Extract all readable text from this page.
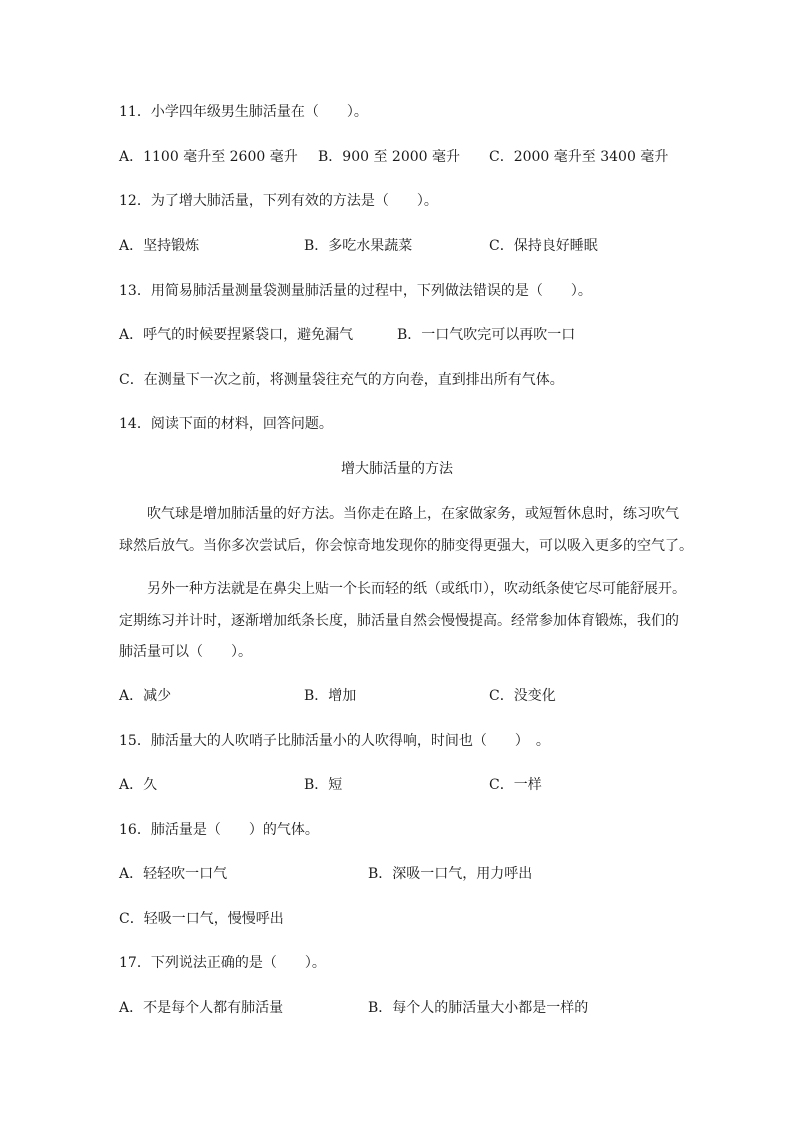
11．小学四年级男生肺活量在（　　）。
A．1100 毫升至 2600 毫升 B．900 至 2000 毫升 C．2000 毫升至 3400 毫升
12．为了增大肺活量，下列有效的方法是（　　）。
A．坚持锻炼	B．多吃水果蔬菜	C．保持良好睡眠
13．用简易肺活量测量袋测量肺活量的过程中，下列做法错误的是（　　）。
A．呼气的时候要捏紧袋口，避免漏气	B．一口气吹完可以再吹一口
C．在测量下一次之前，将测量袋往充气的方向卷，直到排出所有气体。
14．阅读下面的材料，回答问题。
增大肺活量的方法
吹气球是增加肺活量的好方法。当你走在路上，在家做家务，或短暂休息时，练习吹气
球然后放气。当你多次尝试后，你会惊奇地发现你的肺变得更强大，可以吸入更多的空气了。
另外一种方法就是在鼻尖上贴一个长而轻的纸（或纸巾），吹动纸条使它尽可能舒展开。
定期练习并计时，逐渐增加纸条长度，肺活量自然会慢慢提高。经常参加体育锻炼，我们的
肺活量可以（　　）。
A．减少	B．增加	C．没变化
15．肺活量大的人吹哨子比肺活量小的人吹得响，时间也（　　）　。
A．久	B．短	C．一样
16．肺活量是（　　）的气体。
A．轻轻吹一口气	B．深吸一口气，用力呼出
C．轻吸一口气，慢慢呼出
17．下列说法正确的是（　　）。
A．不是每个人都有肺活量	B．每个人的肺活量大小都是一样的
